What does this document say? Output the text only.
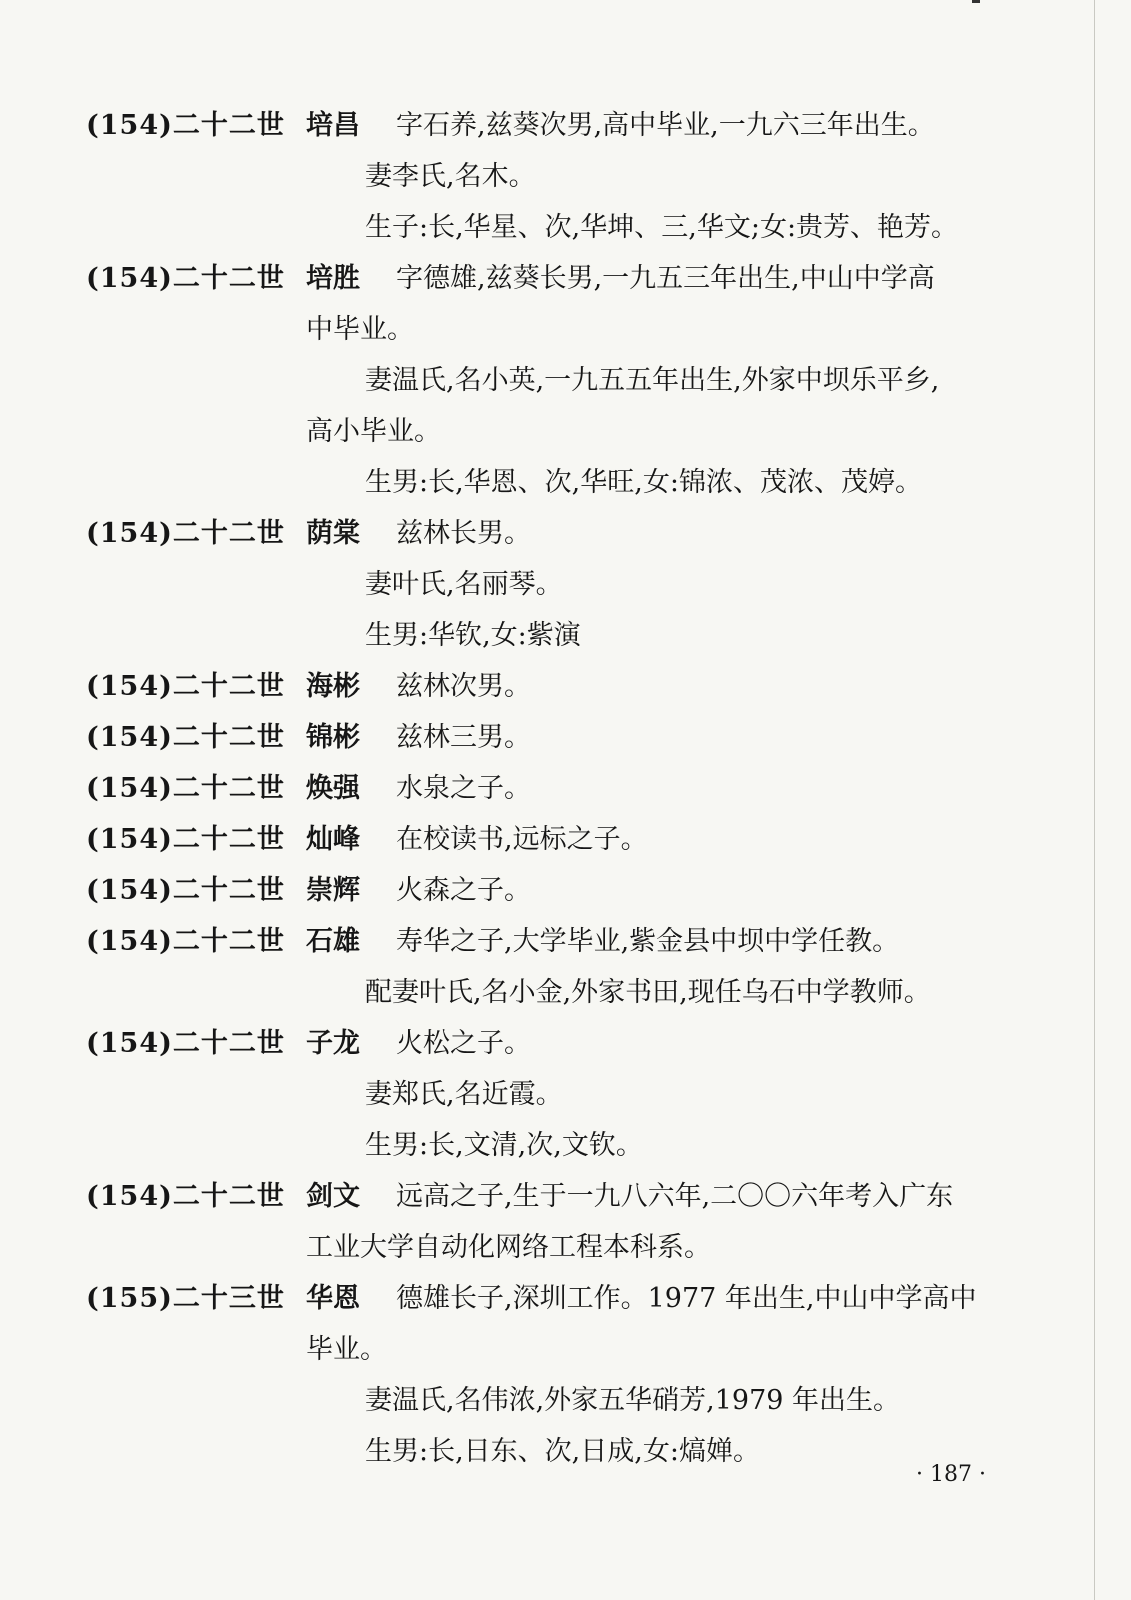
(154)二十二世 培昌 字石养,兹葵次男,高中毕业,一九六三年出生。
妻李氏,名木。
生子:长,华星、次,华坤、三,华文;女:贵芳、艳芳。
(154)二十二世 培胜 字德雄,兹葵长男,一九五三年出生,中山中学高
中毕业。
妻温氏,名小英,一九五五年出生,外家中坝乐平乡,
高小毕业。
生男:长,华恩、次,华旺,女:锦浓、茂浓、茂婷。
(154)二十二世 荫棠 兹林长男。
妻叶氏,名丽琴。
生男:华钦,女:紫演
(154)二十二世 海彬 兹林次男。
(154)二十二世 锦彬 兹林三男。
(154)二十二世 焕强 水泉之子。
(154)二十二世 灿峰 在校读书,远标之子。
(154)二十二世 崇辉 火森之子。
(154)二十二世 石雄 寿华之子,大学毕业,紫金县中坝中学任教。
配妻叶氏,名小金,外家书田,现任乌石中学教师。
(154)二十二世 子龙 火松之子。
妻郑氏,名近霞。
生男:长,文清,次,文钦。
(154)二十二世 剑文 远高之子,生于一九八六年,二〇〇六年考入广东
工业大学自动化网络工程本科系。
(155)二十三世 华恩 德雄长子,深圳工作。1977 年出生,中山中学高中
毕业。
妻温氏,名伟浓,外家五华硝芳,1979 年出生。
生男:长,日东、次,日成,女:熇婵。
· 187 ·
